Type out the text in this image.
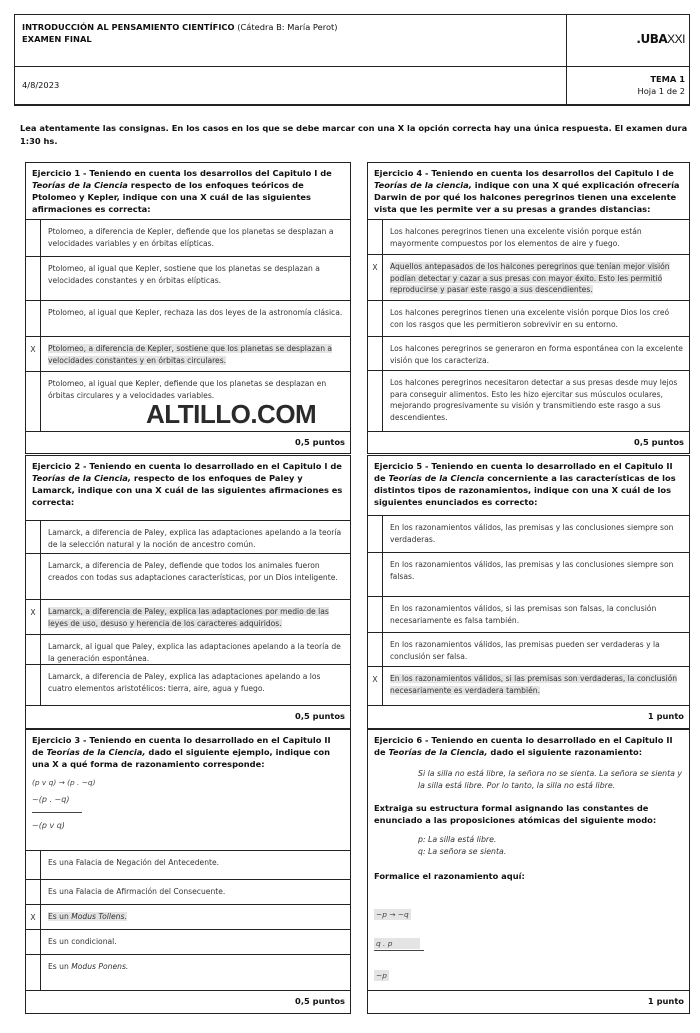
INTRODUCCIÓN AL PENSAMIENTO CIENTÍFICO (Cátedra B: María Perot)
EXAMEN FINAL	.UBAXXI
4/8/2023
TEMA 1
Hoja 1 de 2
Lea atentamente las consignas. En los casos en los que se debe marcar con una X la opción correcta hay una única respuesta. El examen dura 1:30 hs.
Ejercicio 1 - Teniendo en cuenta los desarrollos del Capitulo I de Teorías de la Ciencia respecto de los enfoques teóricos de Ptolomeo y Kepler, indique con una X cuál de las siguientes afirmaciones es correcta:
Ptolomeo, a diferencia de Kepler, defiende que los planetas se desplazan a velocidades variables y en órbitas elípticas.
Ptolomeo, al igual que Kepler, sostiene que los planetas se desplazan a velocidades constantes y en órbitas elípticas.
Ptolomeo, al igual que Kepler, rechaza las dos leyes de la astronomía clásica.
X	Ptolomeo, a diferencia de Kepler, sostiene que los planetas se desplazan a velocidades constantes y en órbitas circulares.
Ptolomeo, al igual que Kepler, defiende que los planetas se desplazan en órbitas circulares y a velocidades variables.
0,5 puntos
ALTILLO.COM
Ejercicio 2 - Teniendo en cuenta lo desarrollado en el Capitulo I de Teorías de la Ciencia, respecto de los enfoques de Paley y Lamarck, indique con una X cuál de las siguientes afirmaciones es correcta:
Lamarck, a diferencia de Paley, explica las adaptaciones apelando a la teoría de la selección natural y la noción de ancestro común.
Lamarck, a diferencia de Paley, defiende que todos los animales fueron creados con todas sus adaptaciones características, por un Dios inteligente.
X	Lamarck, a diferencia de Paley, explica las adaptaciones por medio de las leyes de uso, desuso y herencia de los caracteres adquiridos.
Lamarck, al igual que Paley, explica las adaptaciones apelando a la teoría de la generación espontánea.
Lamarck, a diferencia de Paley, explica las adaptaciones apelando a los cuatro elementos aristotélicos: tierra, aire, agua y fuego.
0,5 puntos
Ejercicio 3 - Teniendo en cuenta lo desarrollado en el Capitulo II de Teorías de la Ciencia, dado el siguiente ejemplo, indique con una X a qué forma de razonamiento corresponde:
(p v q) → (p . ~q)
~(p . ~q)
~(p v q)
Es una Falacia de Negación del Antecedente.
Es una Falacia de Afirmación del Consecuente.
X	Es un Modus Tollens.
Es un condicional.
Es un Modus Ponens.
0,5 puntos
Ejercicio 4 - Teniendo en cuenta los desarrollos del Capitulo I de Teorías de la ciencia, indique con una X qué explicación ofrecería Darwin de por qué los halcones peregrinos tienen una excelente vista que les permite ver a su presas a grandes distancias:
Los halcones peregrinos tienen una excelente visión porque están mayormente compuestos por los elementos de aire y fuego.
X	Aquellos antepasados de los halcones peregrinos que tenían mejor visión podían detectar y cazar a sus presas con mayor éxito. Esto les permitió reproducirse y pasar este rasgo a sus descendientes.
Los halcones peregrinos tienen una excelente visión porque Dios los creó con los rasgos que les permitieron sobrevivir en su entorno.
Los halcones peregrinos se generaron en forma espontánea con la excelente visión que los caracteriza.
Los halcones peregrinos necesitaron detectar a sus presas desde muy lejos para conseguir alimentos. Esto les hizo ejercitar sus músculos oculares, mejorando progresivamente su visión y transmitiendo este rasgo a sus descendientes.
0,5 puntos
Ejercicio 5 - Teniendo en cuenta lo desarrollado en el Capitulo II de Teorías de la Ciencia concerniente a las características de los distintos tipos de razonamientos, indique con una X cuál de los siguientes enunciados es correcto:
En los razonamientos válidos, las premisas y las conclusiones siempre son verdaderas.
En los razonamientos válidos, las premisas y las conclusiones siempre son falsas.
En los razonamientos válidos, si las premisas son falsas, la conclusión necesariamente es falsa también.
En los razonamientos válidos, las premisas pueden ser verdaderas y la conclusión ser falsa.
X	En los razonamientos válidos, si las premisas son verdaderas, la conclusión necesariamente es verdadera también.
1 punto
Ejercicio 6 - Teniendo en cuenta lo desarrollado en el Capitulo II de Teorías de la Ciencia, dado el siguiente razonamiento:
Si la silla no está libre, la señora no se sienta. La señora se sienta y la silla está libre. Por lo tanto, la silla no está libre.
Extraiga su estructura formal asignando las constantes de enunciado a las proposiciones atómicas del siguiente modo:
p: La silla está libre.
q: La señora se sienta.
Formalice el razonamiento aquí:
~p → ~q
q . p
~p
1 punto
